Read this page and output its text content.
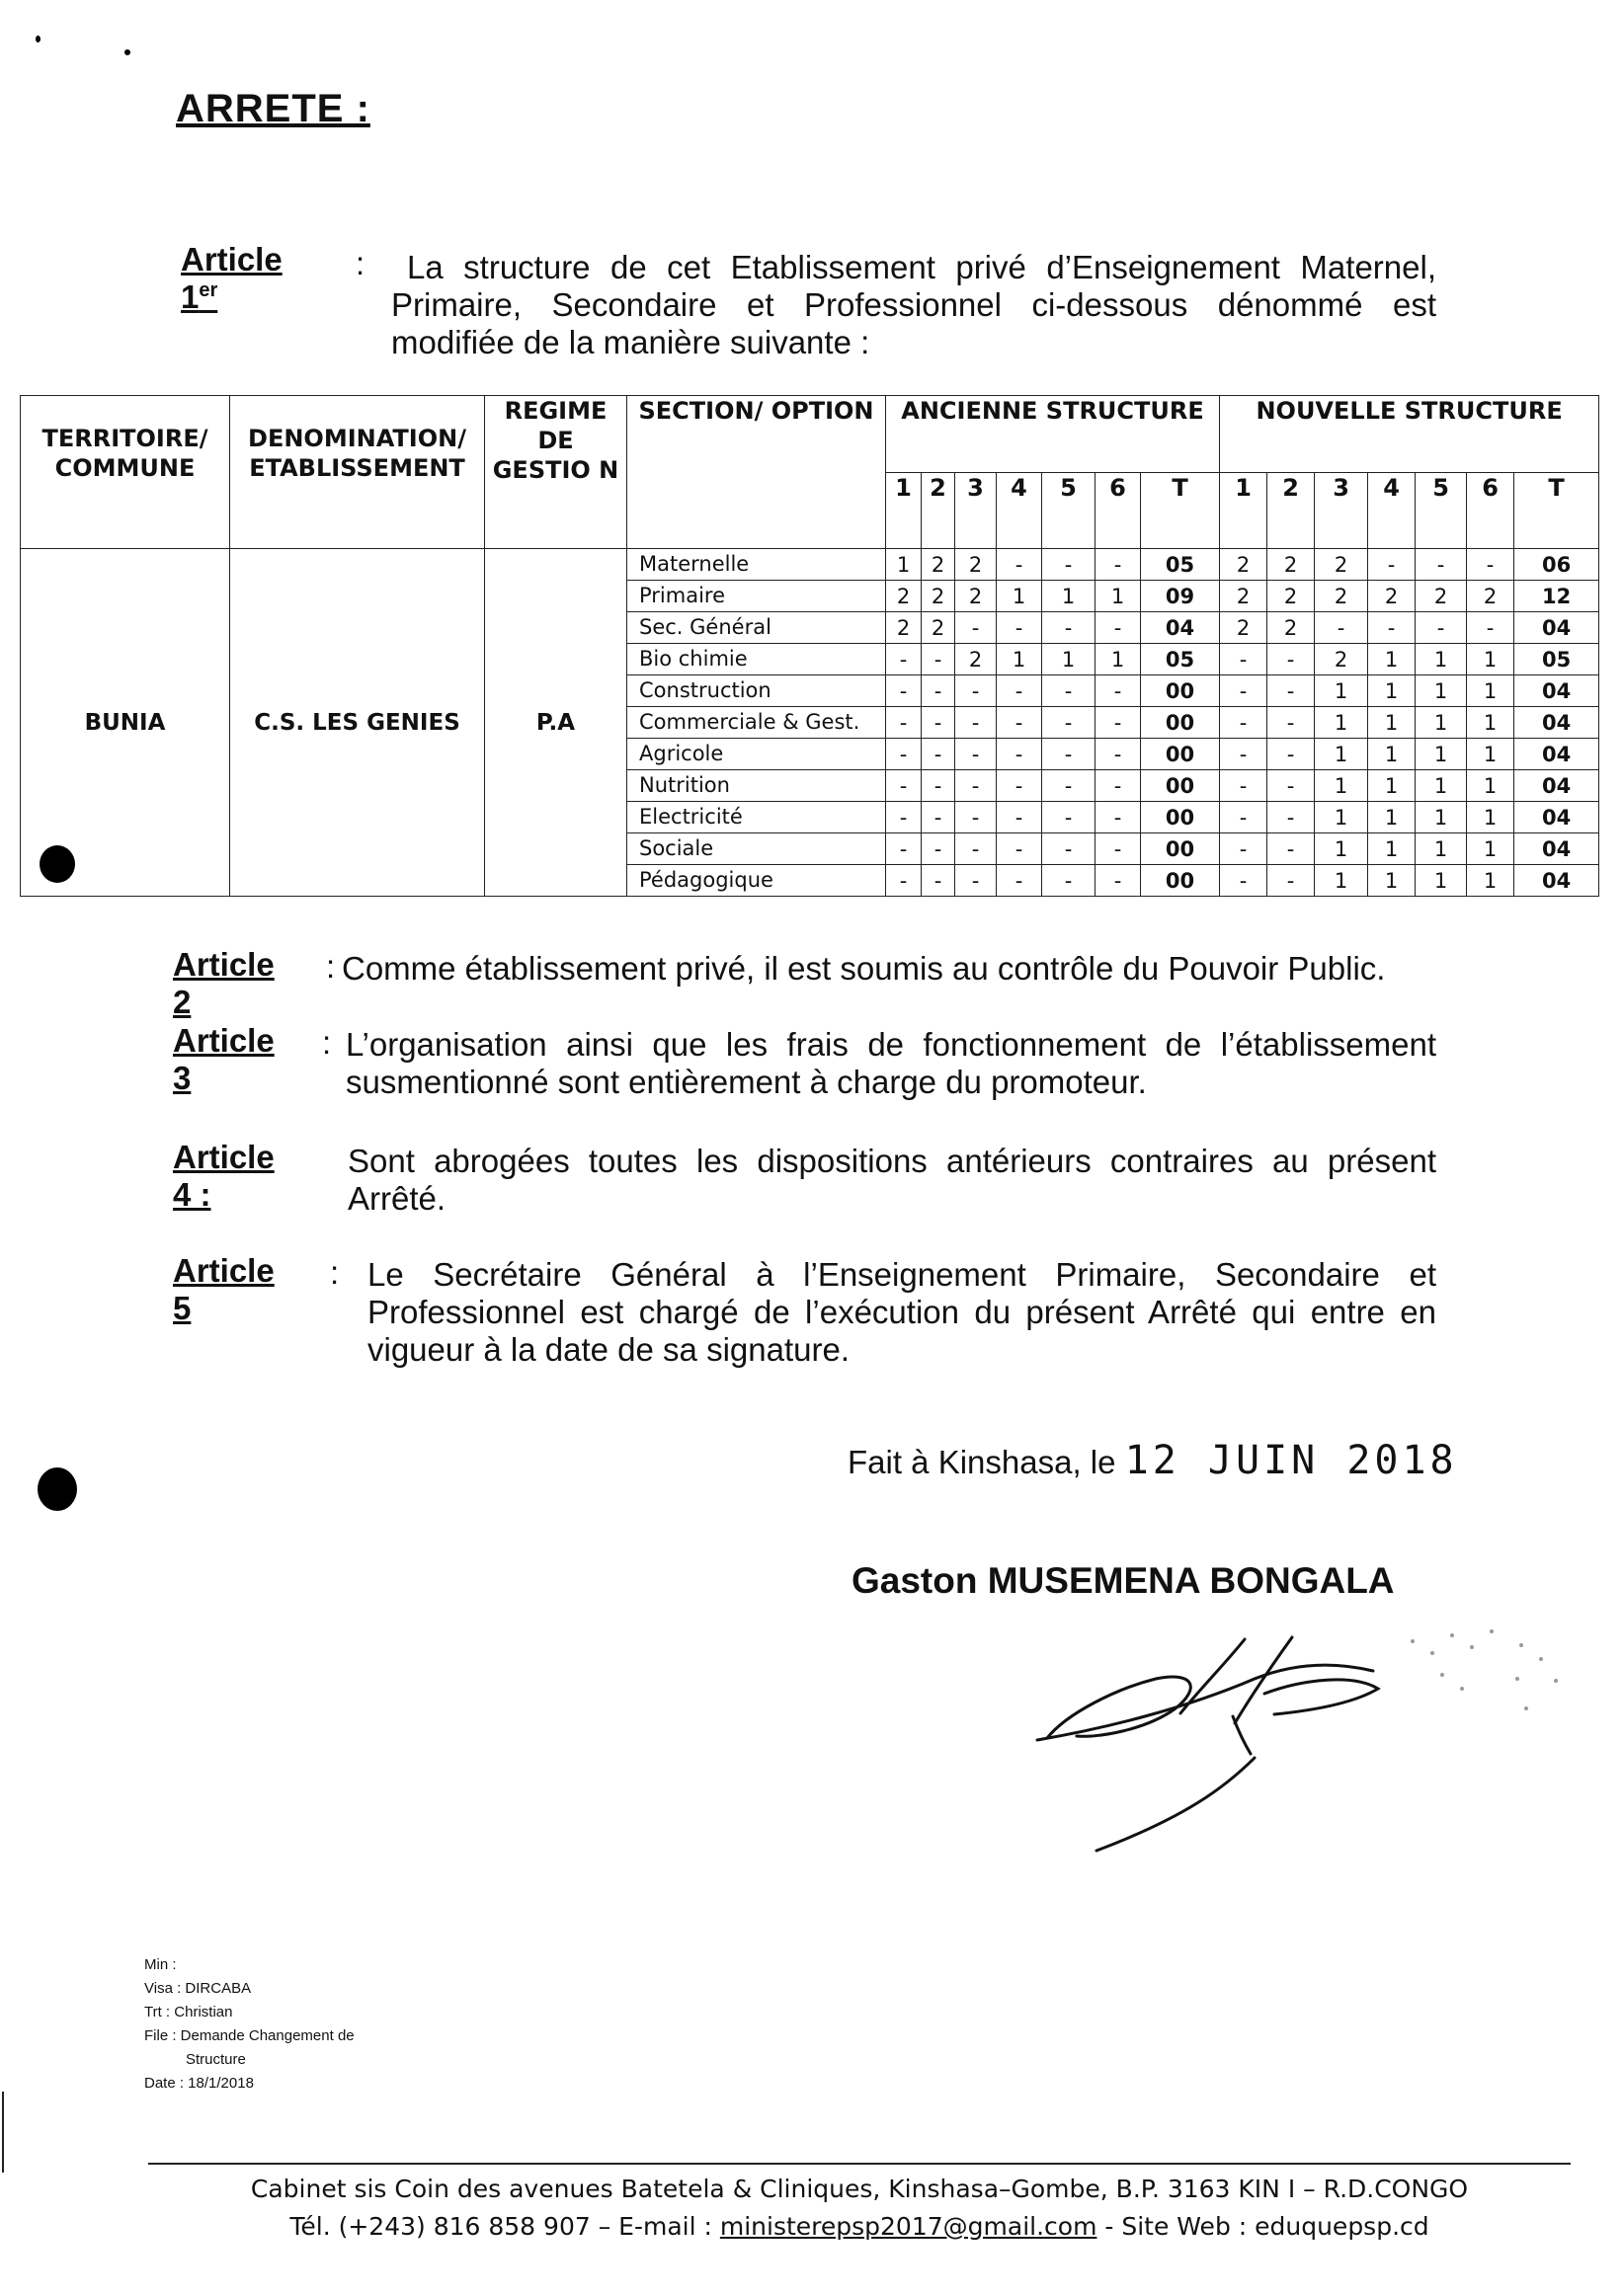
ARRETE :
Article 1er
:	La structure de cet Etablissement privé d’Enseignement Maternel, Primaire, Secondaire et Professionnel ci-dessous dénommé est modifiée de la manière suivante :
TERRITOIRE/ COMMUNE	DENOMINATION/ ETABLISSEMENT	REGIME DE GESTIO N	SECTION/ OPTION	ANCIENNE STRUCTURE							NOUVELLE STRUCTURE						
				1	2	3	4	5	6	T	1	2	3	4	5	6	T
BUNIA	C.S. LES GENIES	P.A	Maternelle	1	2	2	-	-	-	05	2	2	2	-	-	-	06
			Primaire	2	2	2	1	1	1	09	2	2	2	2	2	2	12
			Sec. Général	2	2	-	-	-	-	04	2	2	-	-	-	-	04
			Bio chimie	-	-	2	1	1	1	05	-	-	2	1	1	1	05
			Construction	-	-	-	-	-	-	00	-	-	1	1	1	1	04
			Commerciale & Gest.	-	-	-	-	-	-	00	-	-	1	1	1	1	04
			Agricole	-	-	-	-	-	-	00	-	-	1	1	1	1	04
			Nutrition	-	-	-	-	-	-	00	-	-	1	1	1	1	04
			Electricité	-	-	-	-	-	-	00	-	-	1	1	1	1	04
			Sociale	-	-	-	-	-	-	00	-	-	1	1	1	1	04
			Pédagogique	-	-	-	-	-	-	00	-	-	1	1	1	1	04
Article 2
: Comme établissement privé, il est soumis au contrôle du Pouvoir Public.
Article 3
: L’organisation ainsi que les frais de fonctionnement de l’établissement susmentionné sont entièrement à charge du promoteur.
Article 4 :
Sont abrogées toutes les dispositions antérieurs contraires au présent Arrêté.
Article 5
: Le Secrétaire Général à l’Enseignement Primaire, Secondaire et Professionnel est chargé de l’exécution du présent Arrêté qui entre en vigueur à la date de sa signature.
Fait à Kinshasa, le 12 JUIN 2018
Gaston MUSEMENA BONGALA
Min :
Visa : DIRCABA
Trt : Christian
File : Demande Changement de
Structure
Date : 18/1/2018
Cabinet sis Coin des avenues Batetela & Cliniques, Kinshasa–Gombe, B.P. 3163 KIN I – R.D.CONGO
Tél. (+243) 816 858 907 – E-mail : ministerepsp2017@gmail.com - Site Web : eduquepsp.cd
